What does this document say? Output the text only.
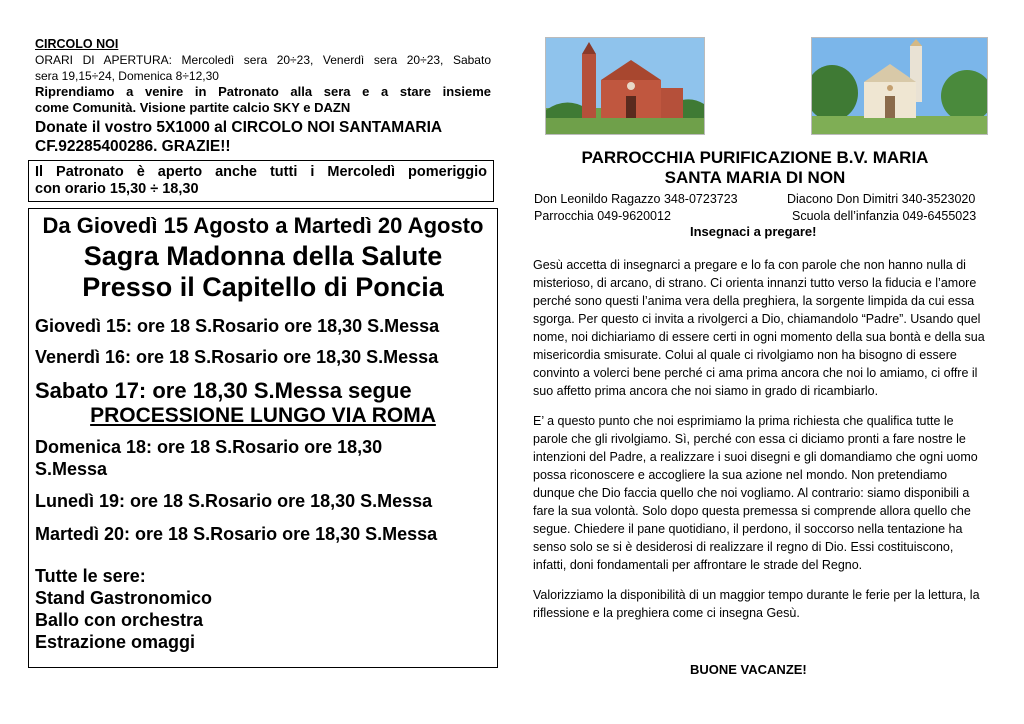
CIRCOLO NOI
ORARI DI APERTURA: Mercoledì sera 20÷23, Venerdì sera 20÷23, Sabato
sera 19,15÷24, Domenica 8÷12,30
Riprendiamo a venire in Patronato alla sera e a stare insieme
come Comunità. Visione partite calcio SKY e DAZN
Donate il vostro 5X1000 al CIRCOLO NOI SANTAMARIA
CF.92285400286. GRAZIE!!
Il Patronato è aperto anche tutti i Mercoledì pomeriggio
con orario 15,30 ÷ 18,30
Da Giovedì 15 Agosto a Martedì 20 Agosto
Sagra Madonna della Salute
Presso il Capitello di Poncia
Giovedì 15: ore 18 S.Rosario ore 18,30 S.Messa
Venerdì 16: ore 18 S.Rosario ore 18,30 S.Messa
Sabato 17: ore 18,30 S.Messa segue
PROCESSIONE LUNGO VIA ROMA
Domenica 18: ore 18 S.Rosario ore 18,30
S.Messa
Lunedì 19: ore 18 S.Rosario ore 18,30 S.Messa
Martedì 20: ore 18 S.Rosario ore 18,30 S.Messa
Tutte le sere:
Stand Gastronomico
Ballo con orchestra
Estrazione omaggi
PARROCCHIA PURIFICAZIONE B.V. MARIA
SANTA MARIA DI NON
Don Leonildo Ragazzo 348-0723723	Diacono Don Dimitri 340-3523020
Parrocchia 049-9620012	Scuola dell’infanzia 049-6455023
Insegnaci a pregare!

Gesù accetta di insegnarci a pregare e lo fa con parole che non hanno nulla di misterioso, di arcano, di strano. Ci orienta innanzi tutto verso la fiducia e l’amore perché sono questi l’anima vera della preghiera, la sorgente limpida da cui essa sgorga. Per questo ci invita a rivolgerci a Dio, chiamandolo “Padre”. Usando quel nome, noi dichiariamo di essere certi in ogni momento della sua bontà e della sua misericordia smisurate. Colui al quale ci rivolgiamo non ha bisogno di essere convinto a volerci bene perché ci ama prima ancora che noi lo amiamo, ci offre il suo affetto prima ancora che noi siamo in grado di ricambiarlo.

E’ a questo punto che noi esprimiamo la prima richiesta che qualifica tutte le parole che gli rivolgiamo. Sì, perché con essa ci diciamo pronti a fare nostre le intenzioni del Padre, a realizzare i suoi disegni e gli domandiamo che ogni uomo possa riconoscere e accogliere la sua azione nel mondo. Non pretendiamo dunque che Dio faccia quello che noi vogliamo. Al contrario: siamo disponibili a fare la sua volontà. Solo dopo questa premessa si comprende allora quello che segue. Chiedere il pane quotidiano, il perdono, il soccorso nella tentazione ha senso solo se si è desiderosi di realizzare il regno di Dio. Essi costituiscono, infatti, doni fondamentali per affrontare le strade del Regno.

Valorizziamo la disponibilità di un maggior tempo durante le ferie per la lettura, la riflessione e la preghiera come ci insegna Gesù.

BUONE VACANZE!
